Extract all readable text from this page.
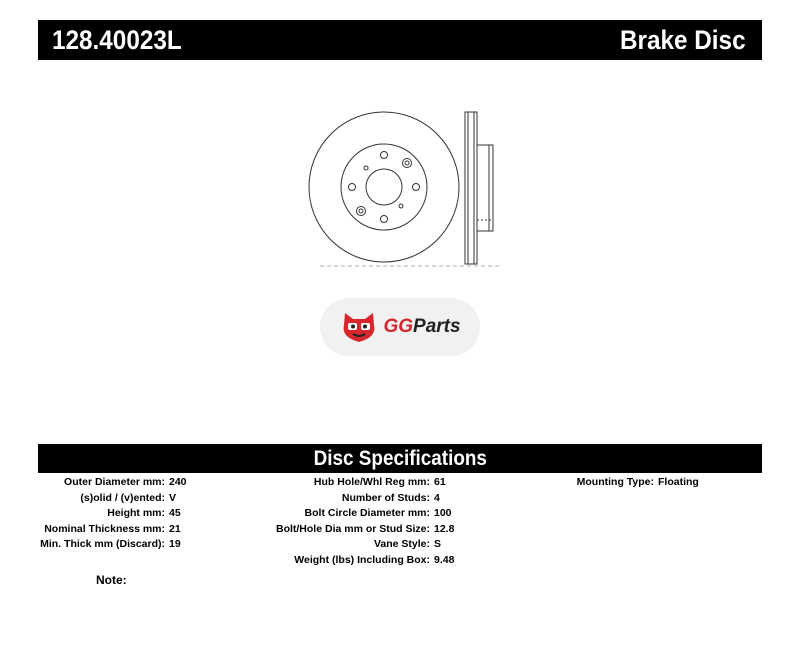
128.40023L	Brake Disc
GGParts
Disc Specifications
Outer Diameter mm: 240
(s)olid / (v)ented: V
Height mm: 45
Nominal Thickness mm: 21
Min. Thick mm (Discard): 19
Hub Hole/Whl Reg mm: 61
Number of Studs: 4
Bolt Circle Diameter mm: 100
Bolt/Hole Dia mm or Stud Size: 12.8
Vane Style: S
Weight (lbs) Including Box: 9.48
Mounting Type: Floating
Note:
